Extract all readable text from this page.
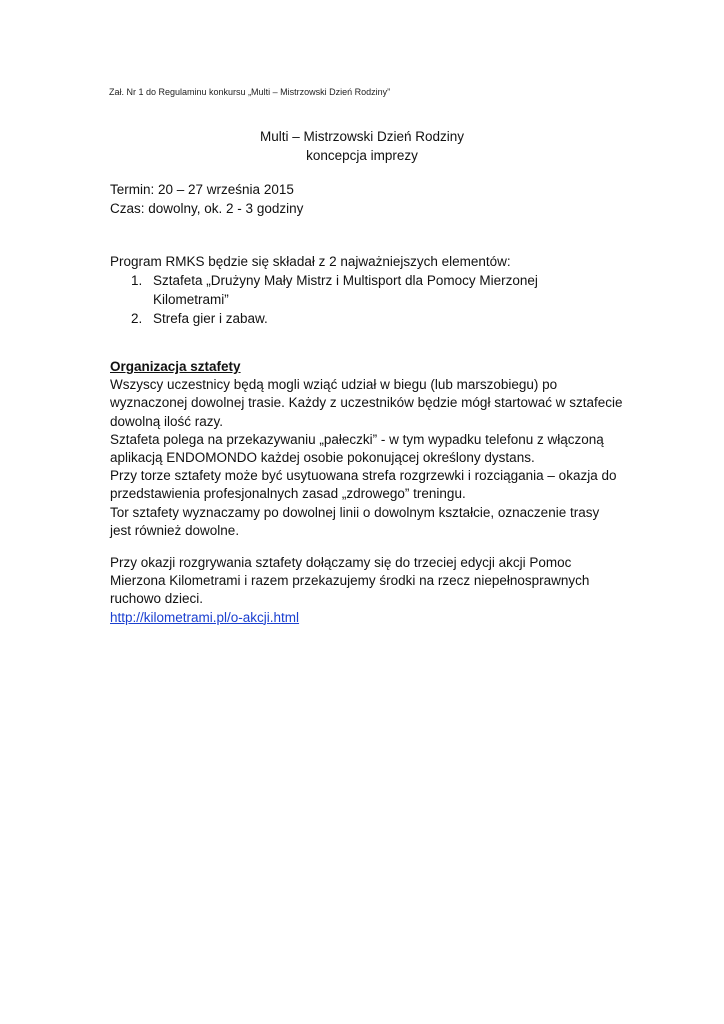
Zał. Nr 1 do Regulaminu konkursu „Multi – Mistrzowski Dzień Rodziny”
Multi – Mistrzowski Dzień Rodziny
koncepcja imprezy
Termin: 20 – 27 września 2015
Czas: dowolny, ok. 2 - 3 godziny
Program RMKS będzie się składał z 2 najważniejszych elementów:
1. Sztafeta „Drużyny Mały Mistrz i Multisport dla Pomocy Mierzonej
Kilometrami”
2. Strefa gier i zabaw.
Organizacja sztafety

Wszyscy uczestnicy będą mogli wziąć udział w biegu (lub marszobiegu) po

wyznaczonej dowolnej trasie. Każdy z uczestników będzie mógł startować w sztafecie

dowolną ilość razy.

Sztafeta polega na przekazywaniu „pałeczki” - w tym wypadku telefonu z włączoną

aplikacją ENDOMONDO każdej osobie pokonującej określony dystans.

Przy torze sztafety może być usytuowana strefa rozgrzewki i rozciągania – okazja do

przedstawienia profesjonalnych zasad „zdrowego” treningu.

Tor sztafety wyznaczamy po dowolnej linii o dowolnym kształcie, oznaczenie trasy

jest również dowolne.

Przy okazji rozgrywania sztafety dołączamy się do trzeciej edycji akcji Pomoc

Mierzona Kilometrami i razem przekazujemy środki na rzecz niepełnosprawnych

ruchowo dzieci.

http://kilometrami.pl/o-akcji.html
